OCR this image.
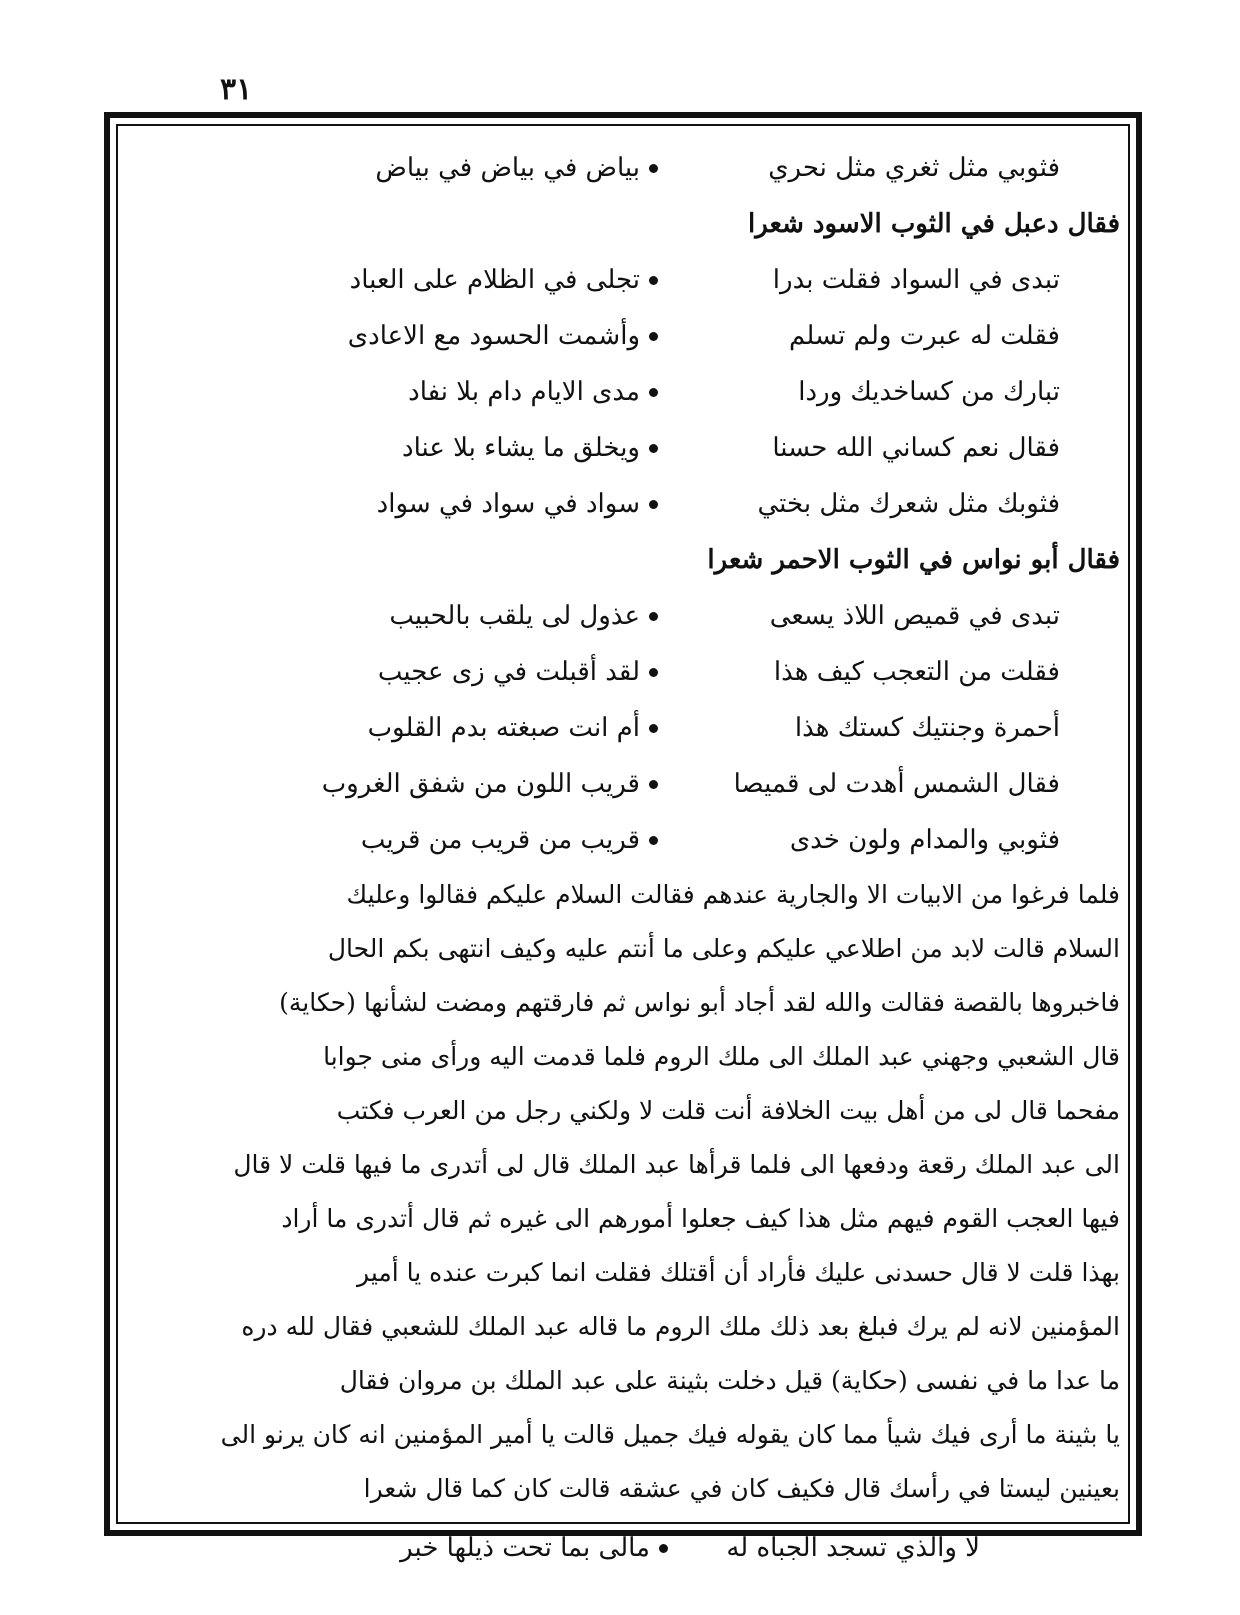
٣١
فثوبي مثل ثغري مثل نحري
بياض في بياض في بياض
فقال دعبل في الثوب الاسود شعرا
تبدى في السواد فقلت بدرا
تجلى في الظلام على العباد
فقلت له عبرت ولم تسلم
وأشمت الحسود مع الاعادى
تبارك من كساخديك وردا
مدى الايام دام بلا نفاد
فقال نعم كساني الله حسنا
ويخلق ما يشاء بلا عناد
فثوبك مثل شعرك مثل بختي
سواد في سواد في سواد
فقال أبو نواس في الثوب الاحمر شعرا
تبدى في قميص اللاذ يسعى
عذول لى يلقب بالحبيب
فقلت من التعجب كيف هذا
لقد أقبلت في زى عجيب
أحمرة وجنتيك كستك هذا
أم انت صبغته بدم القلوب
فقال الشمس أهدت لى قميصا
قريب اللون من شفق الغروب
فثوبي والمدام ولون خدى
قريب من قريب من قريب
فلما فرغوا من الابيات الا والجارية عندهم فقالت السلام عليكم فقالوا وعليك
السلام قالت لابد من اطلاعي عليكم وعلى ما أنتم عليه وكيف انتهى بكم الحال
فاخبروها بالقصة فقالت والله لقد أجاد أبو نواس ثم فارقتهم ومضت لشأنها (حكاية)
قال الشعبي وجهني عبد الملك الى ملك الروم فلما قدمت اليه ورأى منى جوابا
مفحما قال لى من أهل بيت الخلافة أنت قلت لا ولكني رجل من العرب فكتب
الى عبد الملك رقعة ودفعها الى فلما قرأها عبد الملك قال لى أتدرى ما فيها قلت لا قال
فيها العجب القوم فيهم مثل هذا كيف جعلوا أمورهم الى غيره ثم قال أتدرى ما أراد
بهذا قلت لا قال حسدنى عليك فأراد أن أقتلك فقلت انما كبرت عنده يا أمير
المؤمنين لانه لم يرك فبلغ بعد ذلك ملك الروم ما قاله عبد الملك للشعبي فقال لله دره
ما عدا ما في نفسى (حكاية) قيل دخلت بثينة على عبد الملك بن مروان فقال
يا بثينة ما أرى فيك شيأ مما كان يقوله فيك جميل قالت يا أمير المؤمنين انه كان يرنو الى
بعينين ليستا في رأسك قال فكيف كان في عشقه قالت كان كما قال شعرا
لا والذي تسجد الجباه له
مالى بما تحت ذيلها خبر
